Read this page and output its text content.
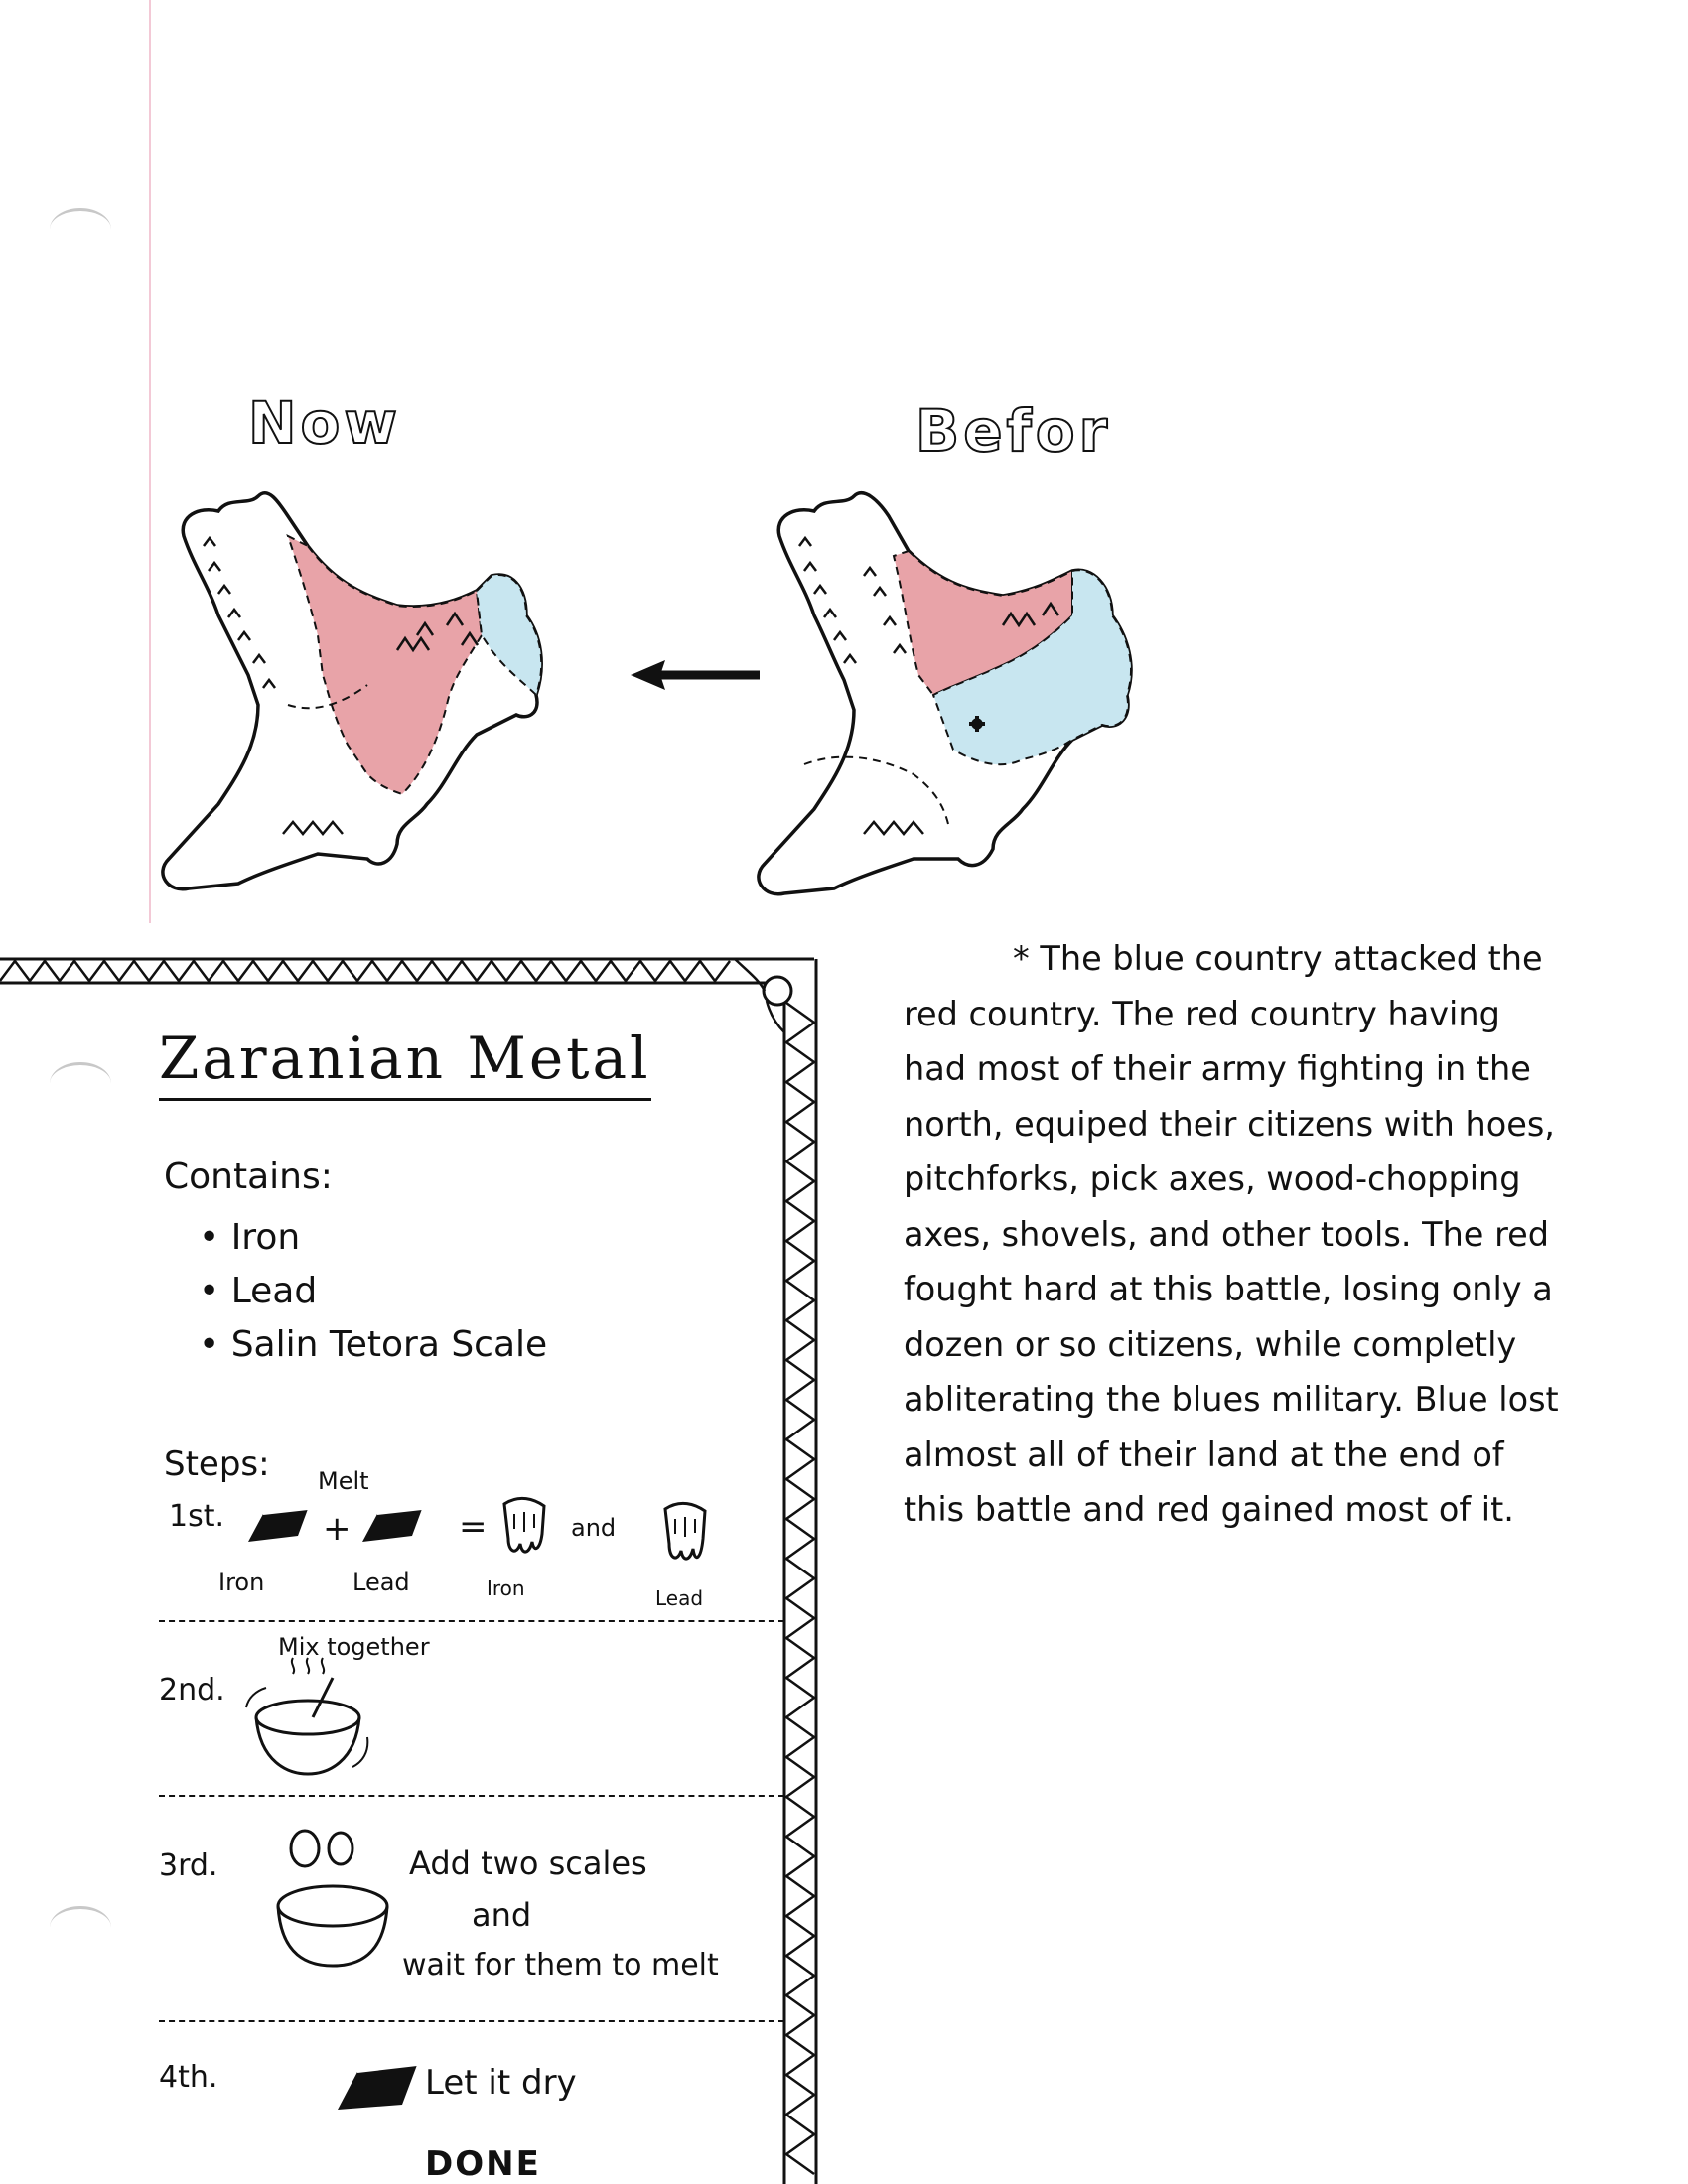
Now	Befor
Zaranian Metal
Contains:
• Iron
• Lead
• Salin Tetora Scale
Steps:
1st.
Melt
+	=	and
Iron	Lead	Iron	Lead
2nd.
Mix together
3rd.	Add two scales
and
wait for them to melt
4th.	Let it dry
DONE

* The blue country attacked the red country. The red country having had most of their army fighting in the north, equiped their citizens with hoes, pitchforks, pick axes, wood-chopping axes, shovels, and other tools. The red fought hard at this battle, losing only a dozen or so citizens, while completly abliterating the blues military. Blue lost almost all of their land at the end of this battle and red gained most of it.
